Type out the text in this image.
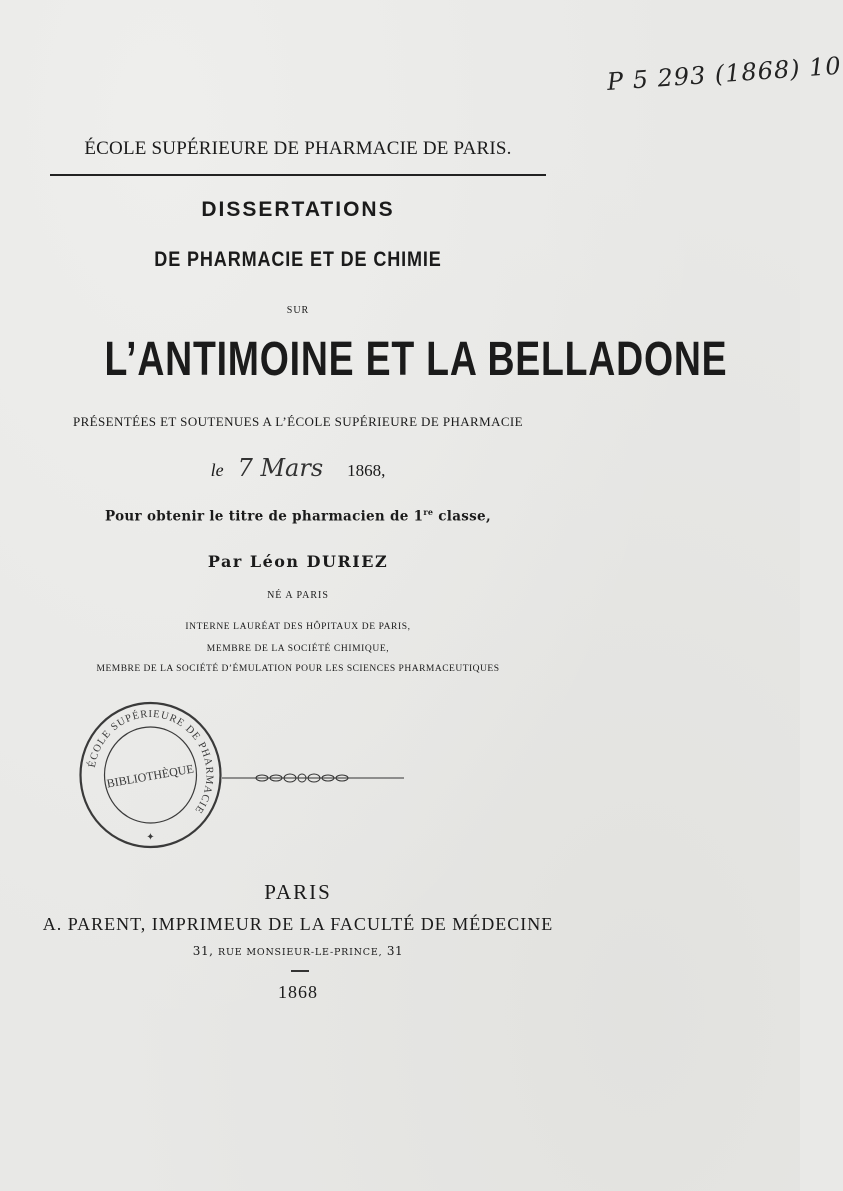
P 5 293 (1868) 10
ÉCOLE SUPÉRIEURE DE PHARMACIE DE PARIS.
DISSERTATIONS
DE PHARMACIE ET DE CHIMIE
SUR
L’ANTIMOINE ET LA BELLADONE
PRÉSENTÉES ET SOUTENUES A L’ÉCOLE SUPÉRIEURE DE PHARMACIE
le 7 Mars 1868,
Pour obtenir le titre de pharmacien de 1re classe,
Par Léon DURIEZ
NÉ A PARIS
INTERNE LAURÉAT DES HÔPITAUX DE PARIS,
MEMBRE DE LA SOCIÉTÉ CHIMIQUE,
MEMBRE DE LA SOCIÉTÉ D’ÉMULATION POUR LES SCIENCES PHARMACEUTIQUES
PARIS
A. PARENT, IMPRIMEUR DE LA FACULTÉ DE MÉDECINE
31, RUE MONSIEUR-LE-PRINCE, 31
1868
ÉCOLE SUPÉRIEURE DE PHARMACIE
BIBLIOTHÈQUE
✦
